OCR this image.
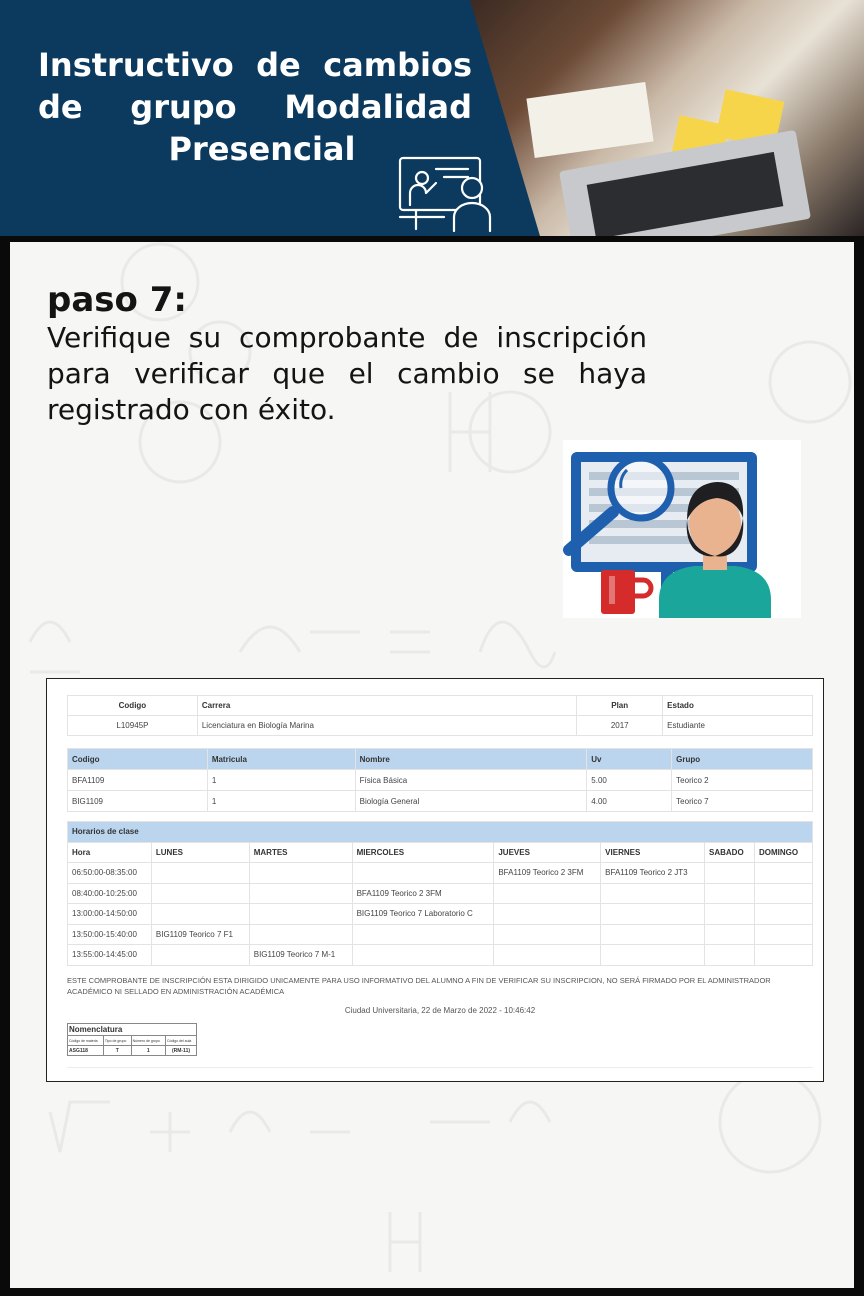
Instructivo de cambios
de grupo Modalidad
Presencial
paso 7:
Verifique su comprobante de inscripción para verificar que el cambio se haya registrado con éxito.
Codigo	Carrera	Plan	Estado
L10945P	Licenciatura en Biología Marina	2017	Estudiante
Codigo	Matricula	Nombre	Uv	Grupo
BFA1109	1	Física Básica	5.00	Teorico 2
BIG1109	1	Biología General	4.00	Teorico 7
Horarios de clase							
Hora	LUNES	MARTES	MIERCOLES	JUEVES	VIERNES	SABADO	DOMINGO
06:50:00-08:35:00				BFA1109 Teorico 2 3FM	BFA1109 Teorico 2 JT3		
08:40:00-10:25:00			BFA1109 Teorico 2 3FM				
13:00:00-14:50:00			BIG1109 Teorico 7 Laboratorio C				
13:50:00-15:40:00	BIG1109 Teorico 7 F1						
13:55:00-14:45:00		BIG1109 Teorico 7 M-1					
ESTE COMPROBANTE DE INSCRIPCIÓN ESTA DIRIGIDO UNICAMENTE PARA USO INFORMATIVO DEL ALUMNO A FIN DE VERIFICAR SU INSCRIPCION, NO SERÁ FIRMADO POR EL ADMINISTRADOR ACADÉMICO NI SELLADO EN ADMINISTRACIÓN ACADÉMICA
Ciudad Universitaria, 22 de Marzo de 2022 - 10:46:42
Nomenclatura			
Código de materia	Tipo de grupo	Número de grupo	Código del aula
ASG118	T	1	(RM-11)
